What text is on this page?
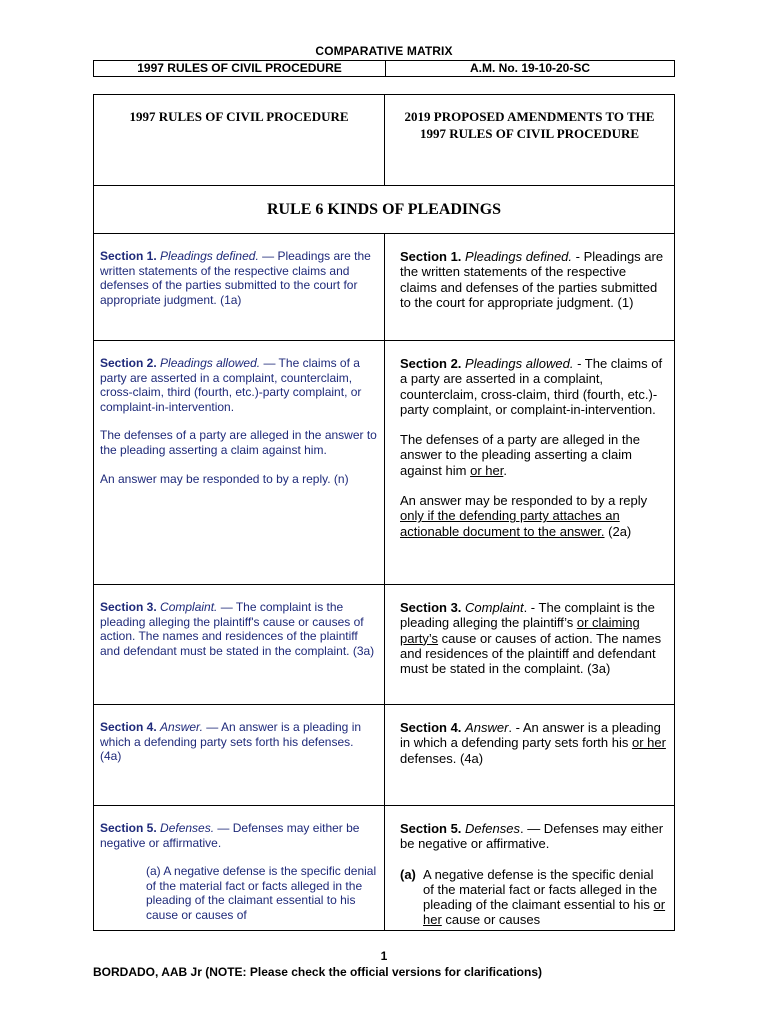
COMPARATIVE MATRIX
1997 RULES OF CIVIL PROCEDURE	A.M. No. 19-10-20-SC
1997 RULES OF CIVIL PROCEDURE	2019 PROPOSED AMENDMENTS TO THE 1997 RULES OF CIVIL PROCEDURE
RULE 6 KINDS OF PLEADINGS

Section 1. Pleadings defined. — Pleadings are the written statements of the respective claims and defenses of the parties submitted to the court for appropriate judgment. (1a)

Section 1. Pleadings defined. - Pleadings are the written statements of the respective claims and defenses of the parties submitted to the court for appropriate judgment. (1)

Section 2. Pleadings allowed. — The claims of a party are asserted in a complaint, counterclaim, cross-claim, third (fourth, etc.)-party complaint, or complaint-in-intervention.

The defenses of a party are alleged in the answer to the pleading asserting a claim against him.

An answer may be responded to by a reply. (n)

Section 2. Pleadings allowed. - The claims of a party are asserted in a complaint, counterclaim, cross-claim, third (fourth, etc.)-party complaint, or complaint-in-intervention.

The defenses of a party are alleged in the answer to the pleading asserting a claim against him or her.

An answer may be responded to by a reply only if the defending party attaches an actionable document to the answer. (2a)

Section 3. Complaint. — The complaint is the pleading alleging the plaintiff's cause or causes of action. The names and residences of the plaintiff and defendant must be stated in the complaint. (3a)

Section 3. Complaint. - The complaint is the pleading alleging the plaintiff’s or claiming party’s cause or causes of action. The names and residences of the plaintiff and defendant must be stated in the complaint. (3a)

Section 4. Answer. — An answer is a pleading in which a defending party sets forth his defenses. (4a)

Section 4. Answer. - An answer is a pleading in which a defending party sets forth his or her defenses. (4a)

Section 5. Defenses. — Defenses may either be negative or affirmative.

(a) A negative defense is the specific denial of the material fact or facts alleged in the pleading of the claimant essential to his cause or causes of

Section 5. Defenses. — Defenses may either be negative or affirmative.

(a) A negative defense is the specific denial of the material fact or facts alleged in the pleading of the claimant essential to his or her cause or causes

1
BORDADO, AAB Jr (NOTE: Please check the official versions for clarifications)
